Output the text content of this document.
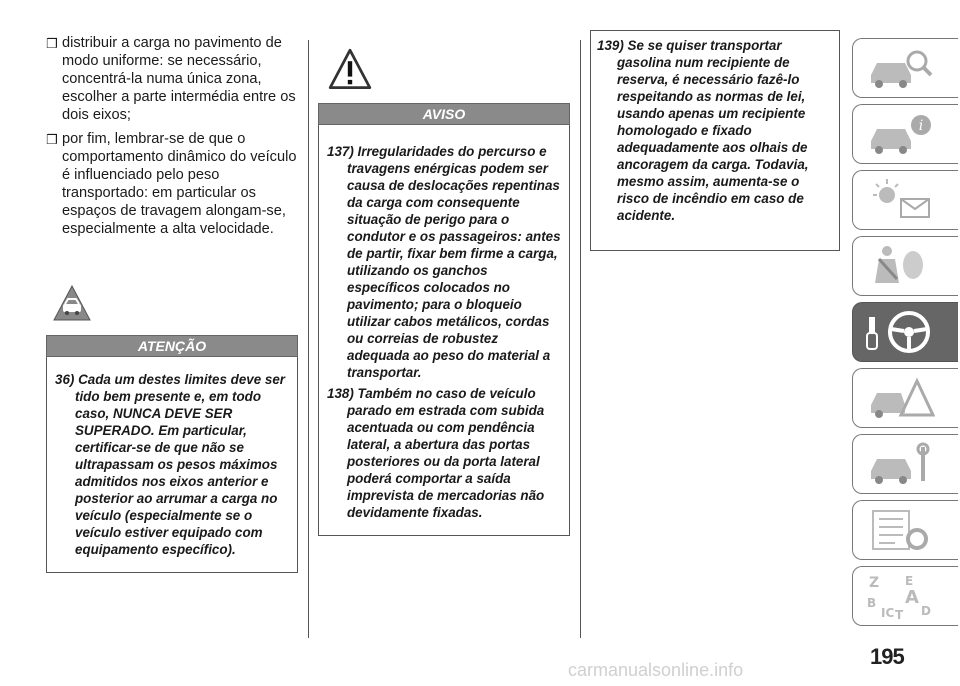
❒ distribuir a carga no pavimento de modo uniforme: se necessário, concentrá-la numa única zona, escolher a parte intermédia entre os dois eixos;
❒ por fim, lembrar-se de que o comportamento dinâmico do veículo é influenciado pelo peso transportado: em particular os espaços de travagem alongam-se, especialmente a alta velocidade.
ATENÇÃO

36) Cada um destes limites deve ser tido bem presente e, em todo caso, NUNCA DEVE SER SUPERADO. Em particular, certificar-se de que não se ultrapassam os pesos máximos admitidos nos eixos anterior e posterior ao arrumar a carga no veículo (especialmente se o veículo estiver equipado com equipamento específico).

AVISO

137) Irregularidades do percurso e travagens enérgicas podem ser causa de deslocações repentinas da carga com consequente situação de perigo para o condutor e os passageiros: antes de partir, fixar bem firme a carga, utilizando os ganchos específicos colocados no pavimento; para o bloqueio utilizar cabos metálicos, cordas ou correias de robustez adequada ao peso do material a transportar.

138) Também no caso de veículo parado em estrada com subida acentuada ou com pendência lateral, a abertura das portas posteriores ou da porta lateral poderá comportar a saída imprevista de mercadorias não devidamente fixadas.

139) Se se quiser transportar gasolina num recipiente de reserva, é necessário fazê-lo respeitando as normas de lei, usando apenas um recipiente homologado e fixado adequadamente aos olhais de ancoragem da carga. Todavia, mesmo assim, aumenta-se o risco de incêndio em caso de acidente.

i
Z E
B A
IC D
T
195
carmanualsonline.info
